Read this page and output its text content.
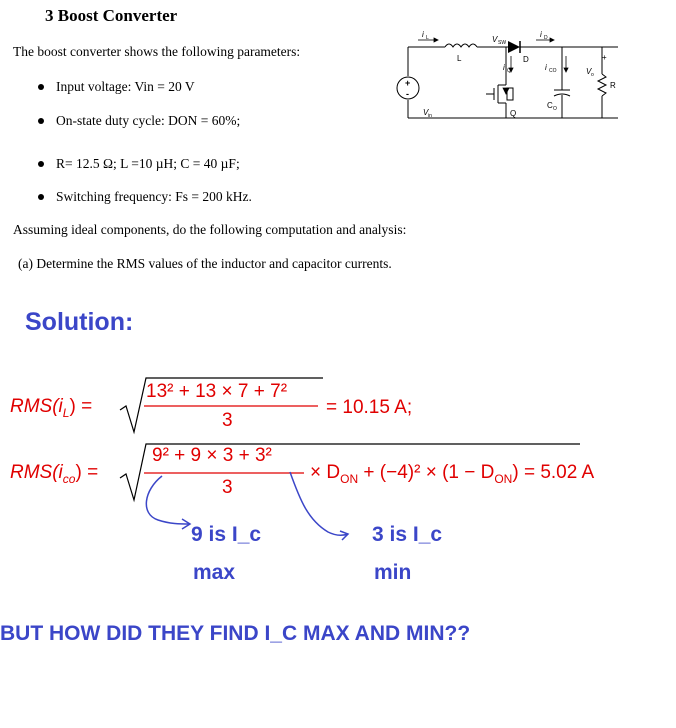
3 Boost Converter
The boost converter shows the following parameters:
Input voltage: Vin = 20 V
On-state duty cycle: DON = 60%;
R= 12.5 Ω; L =10 µH; C = 40 µF;
Switching frequency: Fs = 200 kHz.
Assuming ideal components, do the following computation and analysis:
(a) Determine the RMS values of the inductor and capacitor currents.
i L
L
V SW
i D
D
i Q	i CO
Q
C O
R
V in
V o
+
-
+
Solution:
$RMS(i_L)$ =
13² + 13 × 7 + 7²
3
= 10.15 A;
$RMS(i_{co})$ =
9² + 9 × 3 + 3²
3
× $D_{ON} + (-4)^2 \times (1 - D_{ON}) = 5.02$ A
9 is I_c
max
3 is I_c
min
BUT HOW DID THEY FIND I_C MAX AND MIN??
